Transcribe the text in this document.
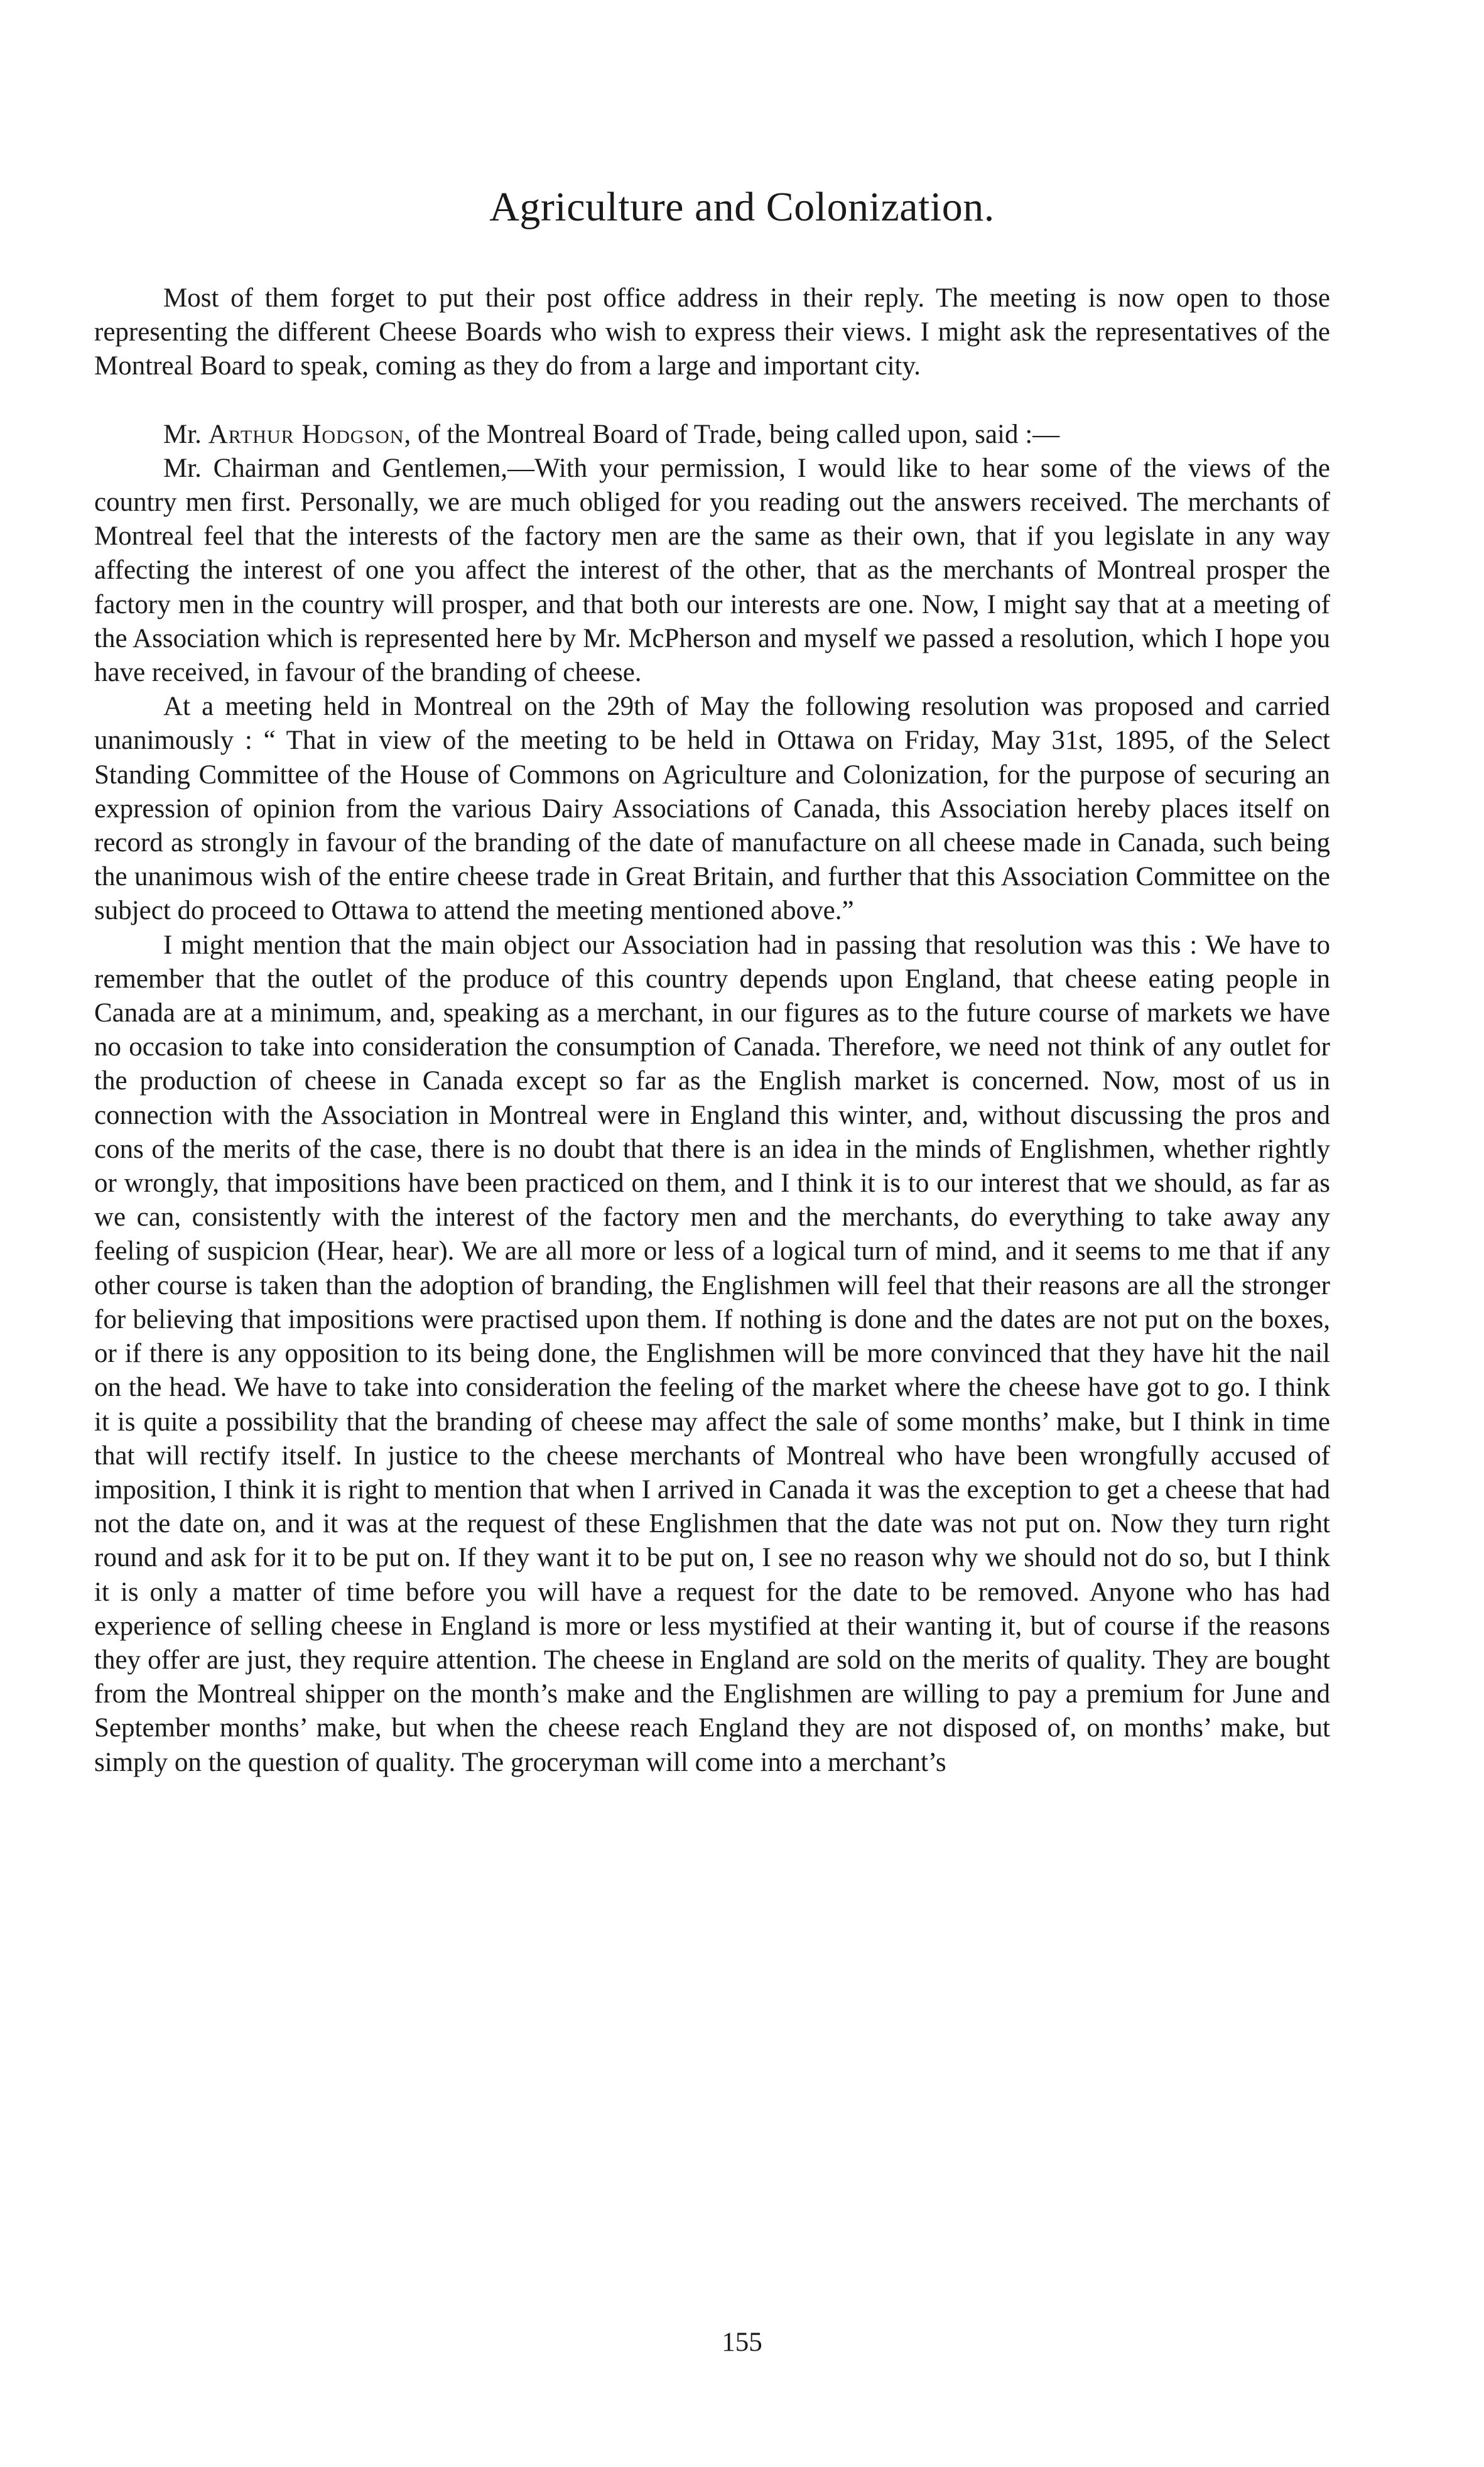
Agriculture and Colonization.

Most of them forget to put their post office address in their reply. The meeting is now open to those representing the different Cheese Boards who wish to express their views. I might ask the representatives of the Montreal Board to speak, coming as they do from a large and important city.

Mr. Arthur Hodgson, of the Montreal Board of Trade, being called upon, said :—

Mr. Chairman and Gentlemen,—With your permission, I would like to hear some of the views of the country men first. Personally, we are much obliged for you reading out the answers received. The merchants of Montreal feel that the interests of the factory men are the same as their own, that if you legislate in any way affecting the interest of one you affect the interest of the other, that as the merchants of Montreal prosper the factory men in the country will prosper, and that both our interests are one. Now, I might say that at a meeting of the Association which is represented here by Mr. McPherson and myself we passed a resolution, which I hope you have received, in favour of the branding of cheese.

At a meeting held in Montreal on the 29th of May the following resolution was proposed and carried unanimously : “ That in view of the meeting to be held in Ottawa on Friday, May 31st, 1895, of the Select Standing Committee of the House of Commons on Agriculture and Colonization, for the purpose of securing an expression of opinion from the various Dairy Associations of Canada, this Association hereby places itself on record as strongly in favour of the branding of the date of manufacture on all cheese made in Canada, such being the unanimous wish of the entire cheese trade in Great Britain, and further that this Association Committee on the subject do proceed to Ottawa to attend the meeting mentioned above.”

I might mention that the main object our Association had in passing that resolution was this : We have to remember that the outlet of the produce of this country depends upon England, that cheese eating people in Canada are at a minimum, and, speaking as a merchant, in our figures as to the future course of markets we have no occasion to take into consideration the consumption of Canada. Therefore, we need not think of any outlet for the production of cheese in Canada except so far as the English market is concerned. Now, most of us in connection with the Association in Montreal were in England this winter, and, without discussing the pros and cons of the merits of the case, there is no doubt that there is an idea in the minds of Englishmen, whether rightly or wrongly, that impositions have been practiced on them, and I think it is to our interest that we should, as far as we can, consistently with the interest of the factory men and the merchants, do everything to take away any feeling of suspicion (Hear, hear). We are all more or less of a logical turn of mind, and it seems to me that if any other course is taken than the adoption of branding, the Englishmen will feel that their reasons are all the stronger for believing that impositions were practised upon them. If nothing is done and the dates are not put on the boxes, or if there is any opposition to its being done, the Englishmen will be more convinced that they have hit the nail on the head. We have to take into consideration the feeling of the market where the cheese have got to go. I think it is quite a possibility that the branding of cheese may affect the sale of some months’ make, but I think in time that will rectify itself. In justice to the cheese merchants of Montreal who have been wrongfully accused of imposition, I think it is right to mention that when I arrived in Canada it was the exception to get a cheese that had not the date on, and it was at the request of these Englishmen that the date was not put on. Now they turn right round and ask for it to be put on. If they want it to be put on, I see no reason why we should not do so, but I think it is only a matter of time before you will have a request for the date to be removed. Anyone who has had experience of selling cheese in England is more or less mystified at their wanting it, but of course if the reasons they offer are just, they require attention. The cheese in England are sold on the merits of quality. They are bought from the Montreal shipper on the month’s make and the Englishmen are willing to pay a premium for June and September months’ make, but when the cheese reach England they are not disposed of, on months’ make, but simply on the question of quality. The groceryman will come into a merchant’s

155
